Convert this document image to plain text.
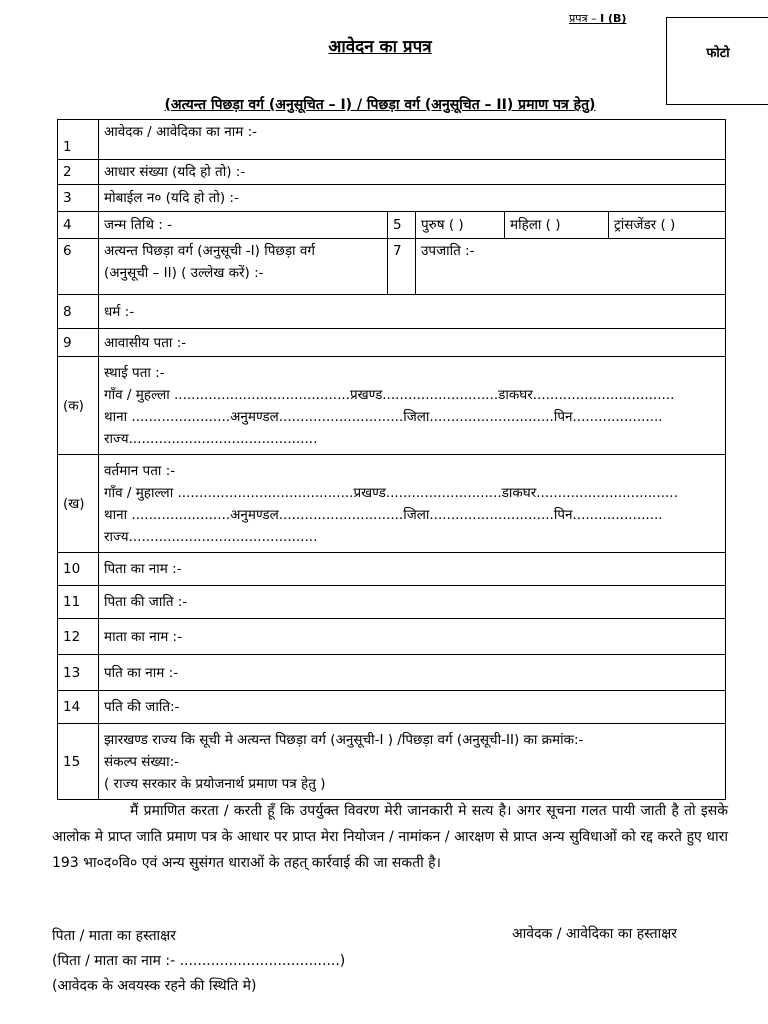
प्रपत्र – I (B)
फोटो
आवेदन का प्रपत्र
(अत्यन्त पिछड़ा वर्ग (अनुसूचित – I) / पिछड़ा वर्ग (अनुसूचित – II) प्रमाण पत्र हेतु)
1	आवेदक / आवेदिका का नाम :-				
2	आधार संख्या (यदि हो तो) :-				
3	मोबाईल न० (यदि हो तो) :-				
4	जन्म तिथि : -	5	पुरुष ( )	महिला ( )	ट्रांसजेंडर ( )
6	अत्यन्त पिछड़ा वर्ग (अनुसूची -I) पिछड़ा वर्ग
(अनुसूची – II) ( उल्लेख करें) :-	7	उपजाति :-		
8	धर्म :-				
9	आवासीय पता :-				
(क)	स्थाई पता :-
गाँव / मुहल्ला .........................................प्रखण्ड...........................डाकघर.................................
थाना .......................अनुमण्डल.............................जिला.............................पिन.....................
राज्य............................................				

(ख)	वर्तमान पता :-
गाँव / मुहाल्ला .........................................प्रखण्ड...........................डाकघर.................................
थाना .......................अनुमण्डल.............................जिला.............................पिन.....................
राज्य............................................				

10	पिता का नाम :-				
11	पिता की जाति :-				
12	माता का नाम :-				
13	पति का नाम :-				
14	पति की जाति:-				
15	झारखण्ड राज्य कि सूची मे अत्यन्त पिछड़ा वर्ग (अनुसूची-I ) /पिछड़ा वर्ग (अनुसूची-II) का क्रमांक:-
संकल्प संख्या:-
( राज्य सरकार के प्रयोजनार्थ प्रमाण पत्र हेतु )				
मैं प्रमाणित करता / करती हूँ कि उपर्युक्त विवरण मेरी जानकारी मे सत्य है। अगर सूचना गलत पायी जाती है तो इसके आलोक मे प्राप्त जाति प्रमाण पत्र के आधार पर प्राप्त मेरा नियोजन / नामांकन / आरक्षण से प्राप्त अन्य सुविधाओं को रद्द करते हुए धारा 193 भा०द०वि० एवं अन्य सुसंगत धाराओं के तहत् कार्रवाई की जा सकती है।
पिता / माता का हस्ताक्षर
(पिता / माता का नाम :- ....................................)
(आवेदक के अवयस्क रहने की स्थिति मे)
आवेदक / आवेदिका का हस्ताक्षर
